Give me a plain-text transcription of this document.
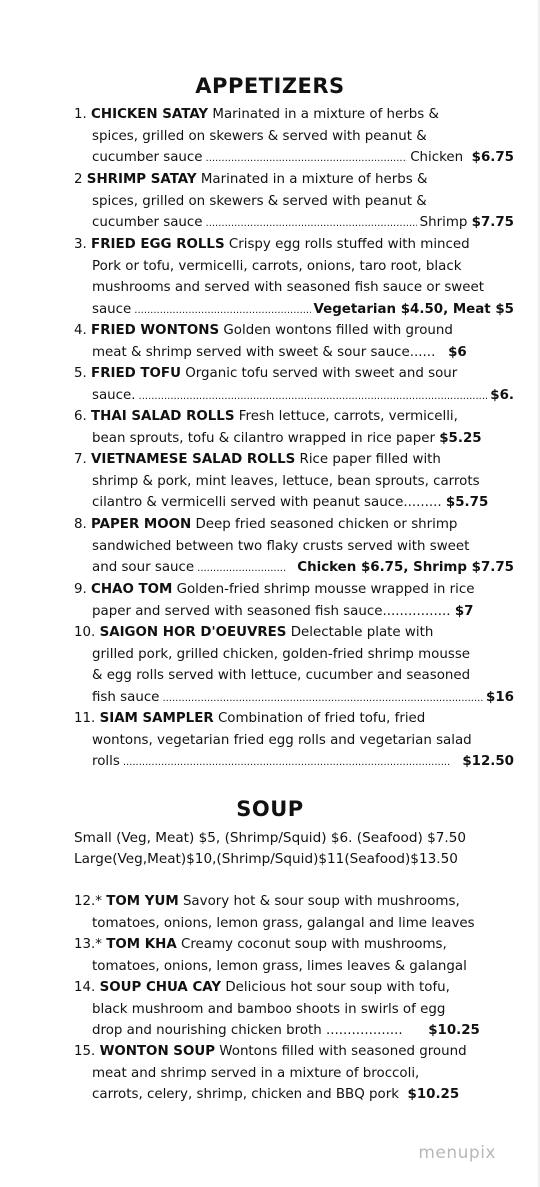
APPETIZERS
1. CHICKEN SATAY Marinated in a mixture of herbs &
spices, grilled on skewers & served with peanut &
cucumber sauce .....	Chicken
$6.75
2 SHRIMP SATAY Marinated in a mixture of herbs &
spices, grilled on skewers & served with peanut &
cucumber sauce .....	Shrimp
$7.75
3. FRIED EGG ROLLS Crispy egg rolls stuffed with minced
Pork or tofu, vermicelli, carrots, onions, taro root, black
mushrooms and served with seasoned fish sauce or sweet
sauce .....	Vegetarian $4.50, Meat $5
4. FRIED WONTONS Golden wontons filled with ground
meat & shrimp served with sweet & sour sauce...... $6
5. FRIED TOFU Organic tofu served with sweet and sour
sauce. .....	$6.
6. THAI SALAD ROLLS Fresh lettuce, carrots, vermicelli,
bean sprouts, tofu & cilantro wrapped in rice paper $5.25
7. VIETNAMESE SALAD ROLLS Rice paper filled with
shrimp & pork, mint leaves, lettuce, bean sprouts, carrots
cilantro & vermicelli served with peanut sauce......... $5.75
8. PAPER MOON Deep fried seasoned chicken or shrimp
sandwiched between two flaky crusts served with sweet
and sour sauce .....
	Chicken $6.75, Shrimp $7.75
9. CHAO TOM Golden-fried shrimp mousse wrapped in rice
paper and served with seasoned fish sauce................ $7
10. SAIGON HOR D'OEUVRES Delectable plate with
grilled pork, grilled chicken, golden-fried shrimp mousse
& egg rolls served with lettuce, cucumber and seasoned
fish sauce .....	$16
11. SIAM SAMPLER Combination of fried tofu, fried
wontons, vegetarian fried egg rolls and vegetarian salad
rolls .....
	$12.50
SOUP
Small (Veg, Meat) $5, (Shrimp/Squid) $6. (Seafood) $7.50
Large(Veg,Meat)$10,(Shrimp/Squid)$11(Seafood)$13.50
12.* TOM YUM Savory hot & sour soup with mushrooms,
tomatoes, onions, lemon grass, galangal and lime leaves
13.* TOM KHA Creamy coconut soup with mushrooms,
tomatoes, onions, lemon grass, limes leaves & galangal
14. SOUP CHUA CAY Delicious hot sour soup with tofu,
black mushroom and bamboo shoots in swirls of egg
drop and nourishing chicken broth .................. $10.25
15. WONTON SOUP Wontons filled with seasoned ground
meat and shrimp served in a mixture of broccoli,
carrots, celery, shrimp, chicken and BBQ pork $10.25
menupix
